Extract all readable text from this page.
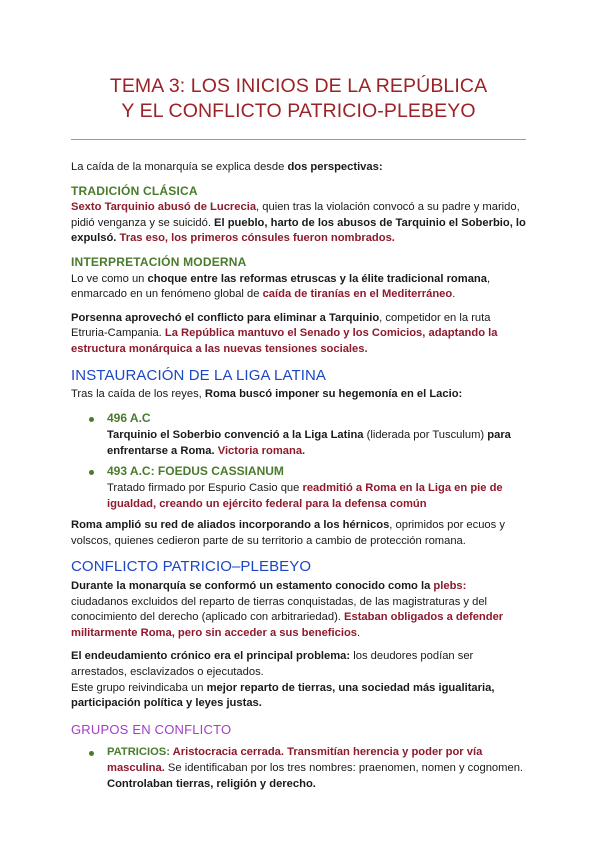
TEMA 3: LOS INICIOS DE LA REPÚBLICA
Y EL CONFLICTO PATRICIO-PLEBEYO

La caída de la monarquía se explica desde dos perspectivas:

TRADICIÓN CLÁSICA

Sexto Tarquinio abusó de Lucrecia, quien tras la violación convocó a su padre y marido, pidió venganza y se suicidó. El pueblo, harto de los abusos de Tarquinio el Soberbio, lo expulsó. Tras eso, los primeros cónsules fueron nombrados.

INTERPRETACIÓN MODERNA

Lo ve como un choque entre las reformas etruscas y la élite tradicional romana, enmarcado en un fenómeno global de caída de tiranías en el Mediterráneo.

Porsenna aprovechó el conflicto para eliminar a Tarquinio, competidor en la ruta Etruria-Campania. La República mantuvo el Senado y los Comicios, adaptando la estructura monárquica a las nuevas tensiones sociales.

INSTAURACIÓN DE LA LIGA LATINA

Tras la caída de los reyes, Roma buscó imponer su hegemonía en el Lacio:

496 A.C
Tarquinio el Soberbio convenció a la Liga Latina (liderada por Tusculum) para enfrentarse a Roma. Victoria romana.
493 A.C: FOEDUS CASSIANUM
Tratado firmado por Espurio Casio que readmitió a Roma en la Liga en pie de igualdad, creando un ejército federal para la defensa común

Roma amplió su red de aliados incorporando a los hérnicos, oprimidos por ecuos y volscos, quienes cedieron parte de su territorio a cambio de protección romana.

CONFLICTO PATRICIO–PLEBEYO

Durante la monarquía se conformó un estamento conocido como la plebs: ciudadanos excluidos del reparto de tierras conquistadas, de las magistraturas y del conocimiento del derecho (aplicado con arbitrariedad). Estaban obligados a defender militarmente Roma, pero sin acceder a sus beneficios.

El endeudamiento crónico era el principal problema: los deudores podían ser arrestados, esclavizados o ejecutados.
Este grupo reivindicaba un mejor reparto de tierras, una sociedad más igualitaria, participación política y leyes justas.

GRUPOS EN CONFLICTO
PATRICIOS: Aristocracia cerrada. Transmitían herencia y poder por vía masculina. Se identificaban por los tres nombres: praenomen, nomen y cognomen. Controlaban tierras, religión y derecho.
